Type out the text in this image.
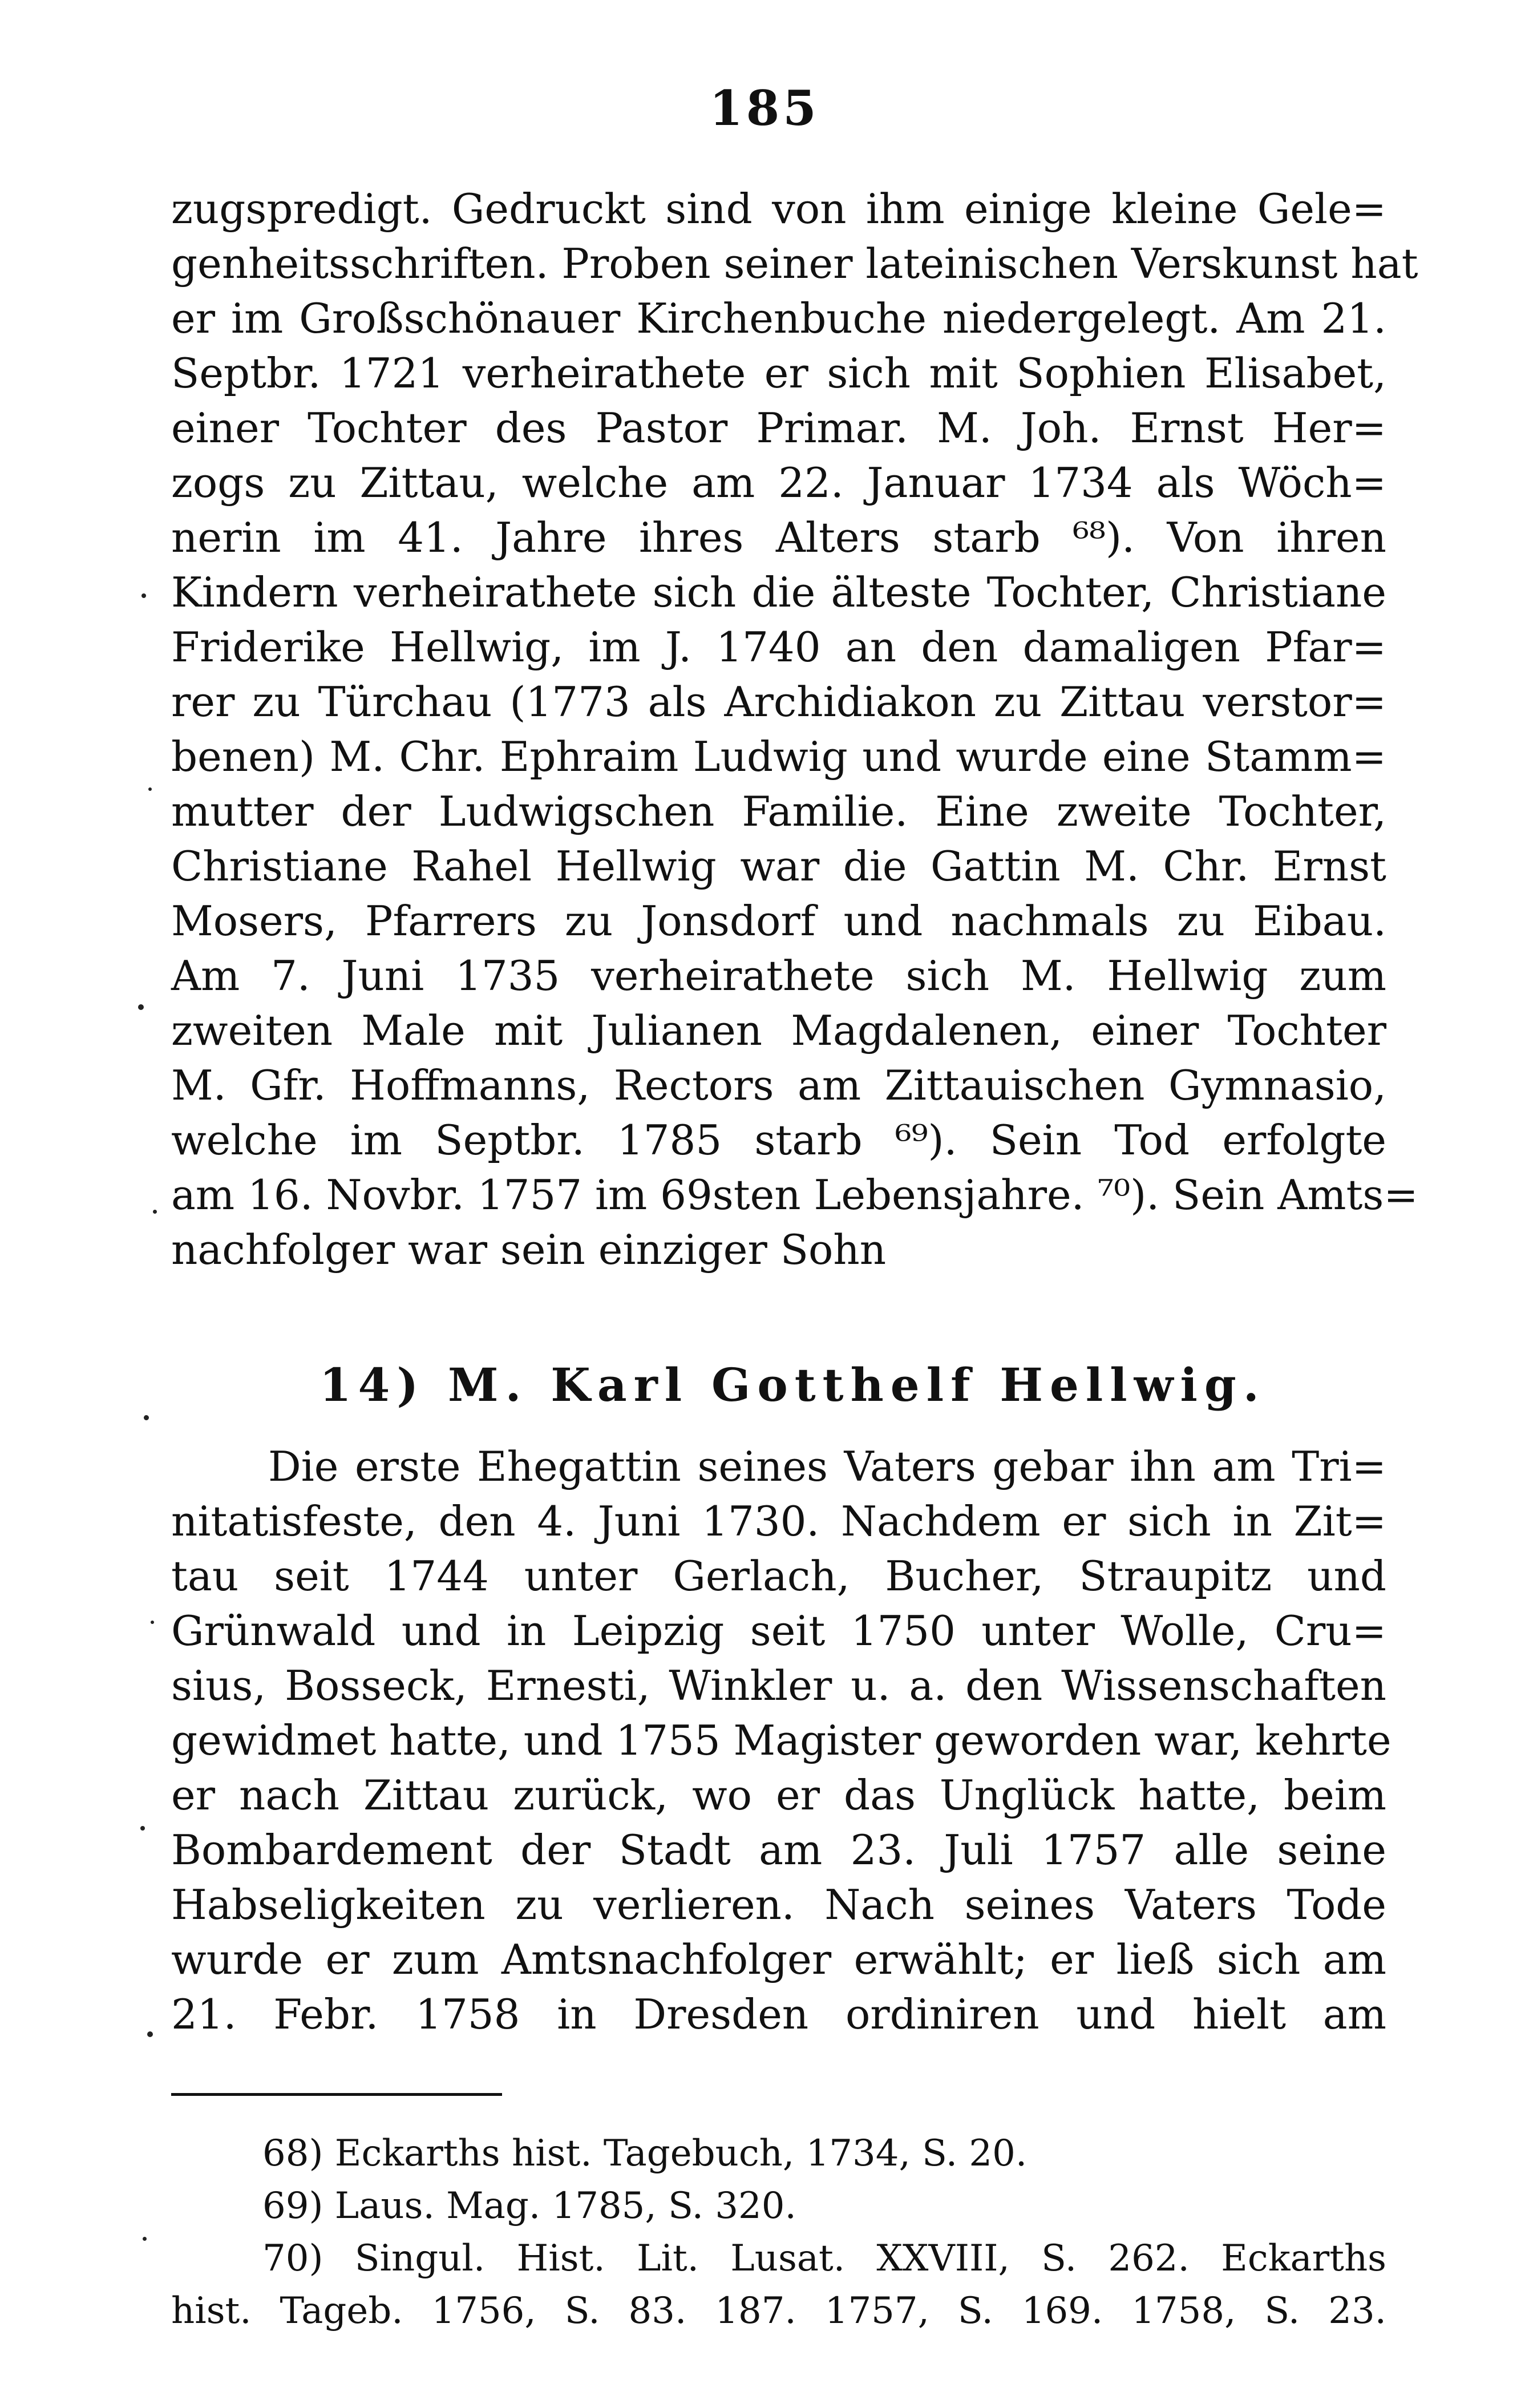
185
zugspredigt. Gedruckt sind von ihm einige kleine Gele=
genheitsschriften. Proben seiner lateinischen Verskunst hat
er im Großschönauer Kirchenbuche niedergelegt. Am 21.
Septbr. 1721 verheirathete er sich mit Sophien Elisabet,
einer Tochter des Pastor Primar. M. Joh. Ernst Her=
zogs zu Zittau, welche am 22. Januar 1734 als Wöch=
nerin im 41. Jahre ihres Alters starb ⁶⁸). Von ihren
Kindern verheirathete sich die älteste Tochter, Christiane
Friderike Hellwig, im J. 1740 an den damaligen Pfar=
rer zu Türchau (1773 als Archidiakon zu Zittau verstor=
benen) M. Chr. Ephraim Ludwig und wurde eine Stamm=
mutter der Ludwigschen Familie. Eine zweite Tochter,
Christiane Rahel Hellwig war die Gattin M. Chr. Ernst
Mosers, Pfarrers zu Jonsdorf und nachmals zu Eibau.
Am 7. Juni 1735 verheirathete sich M. Hellwig zum
zweiten Male mit Julianen Magdalenen, einer Tochter
M. Gfr. Hoffmanns, Rectors am Zittauischen Gymnasio,
welche im Septbr. 1785 starb ⁶⁹). Sein Tod erfolgte
am 16. Novbr. 1757 im 69sten Lebensjahre. ⁷⁰). Sein Amts=
nachfolger war sein einziger Sohn
14) M. Karl Gotthelf Hellwig.
Die erste Ehegattin seines Vaters gebar ihn am Tri=
nitatisfeste, den 4. Juni 1730. Nachdem er sich in Zit=
tau seit 1744 unter Gerlach, Bucher, Straupitz und
Grünwald und in Leipzig seit 1750 unter Wolle, Cru=
sius, Bosseck, Ernesti, Winkler u. a. den Wissenschaften
gewidmet hatte, und 1755 Magister geworden war, kehrte
er nach Zittau zurück, wo er das Unglück hatte, beim
Bombardement der Stadt am 23. Juli 1757 alle seine
Habseligkeiten zu verlieren. Nach seines Vaters Tode
wurde er zum Amtsnachfolger erwählt; er ließ sich am
21. Febr. 1758 in Dresden ordiniren und hielt am
68) Eckarths hist. Tagebuch, 1734, S. 20.
69) Laus. Mag. 1785, S. 320.
70) Singul. Hist. Lit. Lusat. XXVIII, S. 262. Eckarths
hist. Tageb. 1756, S. 83. 187. 1757, S. 169. 1758, S. 23.
